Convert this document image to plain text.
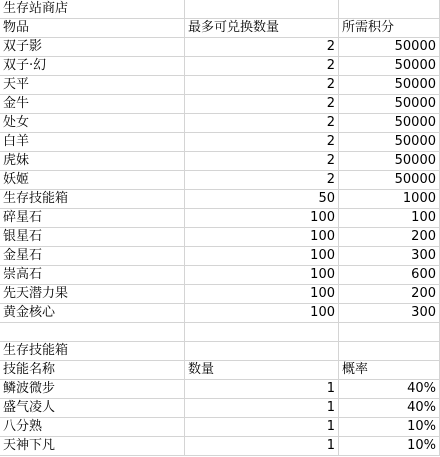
生存站商店
物品	最多可兑换数量	所需积分
双子影	2	50000
双子·幻	2	50000
天平	2	50000
金牛	2	50000
处女	2	50000
白羊	2	50000
虎妹	2	50000
妖姬	2	50000
生存技能箱	50	1000
碎星石	100	100
银星石	100	200
金星石	100	300
崇高石	100	600
先天潜力果	100	200
黄金核心	100	300
生存技能箱
技能名称	数量	概率
鳞波微步	1	40%
盛气凌人	1	40%
八分熟	1	10%
天神下凡	1	10%
